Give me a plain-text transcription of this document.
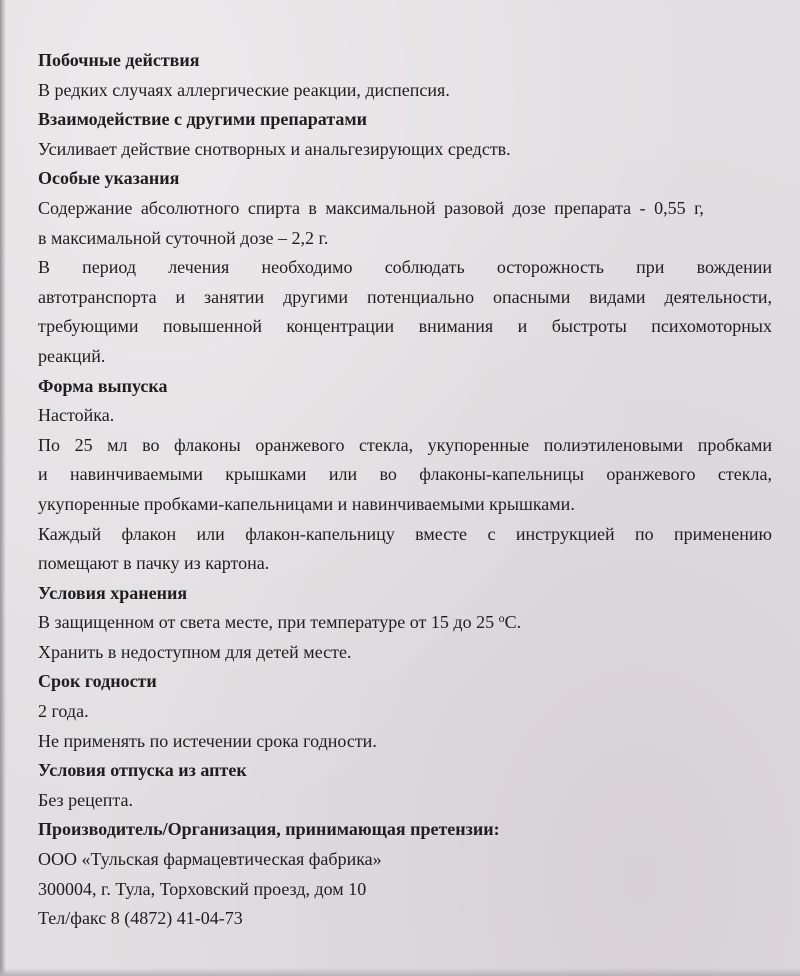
Побочные действия
В редких случаях аллергические реакции, диспепсия.
Взаимодействие с другими препаратами
Усиливает действие снотворных и анальгезирующих средств.
Особые указания
Содержание абсолютного спирта в максимальной разовой дозе препарата - 0,55 г,
в максимальной суточной дозе – 2,2 г.
В период лечения необходимо соблюдать осторожность при вождении
автотранспорта и занятии другими потенциально опасными видами деятельности,
требующими повышенной концентрации внимания и быстроты психомоторных
реакций.
Форма выпуска
Настойка.
По 25 мл во флаконы оранжевого стекла, укупоренные полиэтиленовыми пробками
и навинчиваемыми крышками или во флаконы-капельницы оранжевого стекла,
укупоренные пробками-капельницами и навинчиваемыми крышками.
Каждый флакон или флакон-капельницу вместе с инструкцией по применению
помещают в пачку из картона.
Условия хранения
В защищенном от света месте, при температуре от 15 до 25 $^о$С.
Хранить в недоступном для детей месте.
Срок годности
2 года.
Не применять по истечении срока годности.
Условия отпуска из аптек
Без рецепта.
Производитель/Организация, принимающая претензии:
ООО «Тульская фармацевтическая фабрика»
300004, г. Тула, Торховский проезд, дом 10
Тел/факс 8 (4872) 41-04-73
